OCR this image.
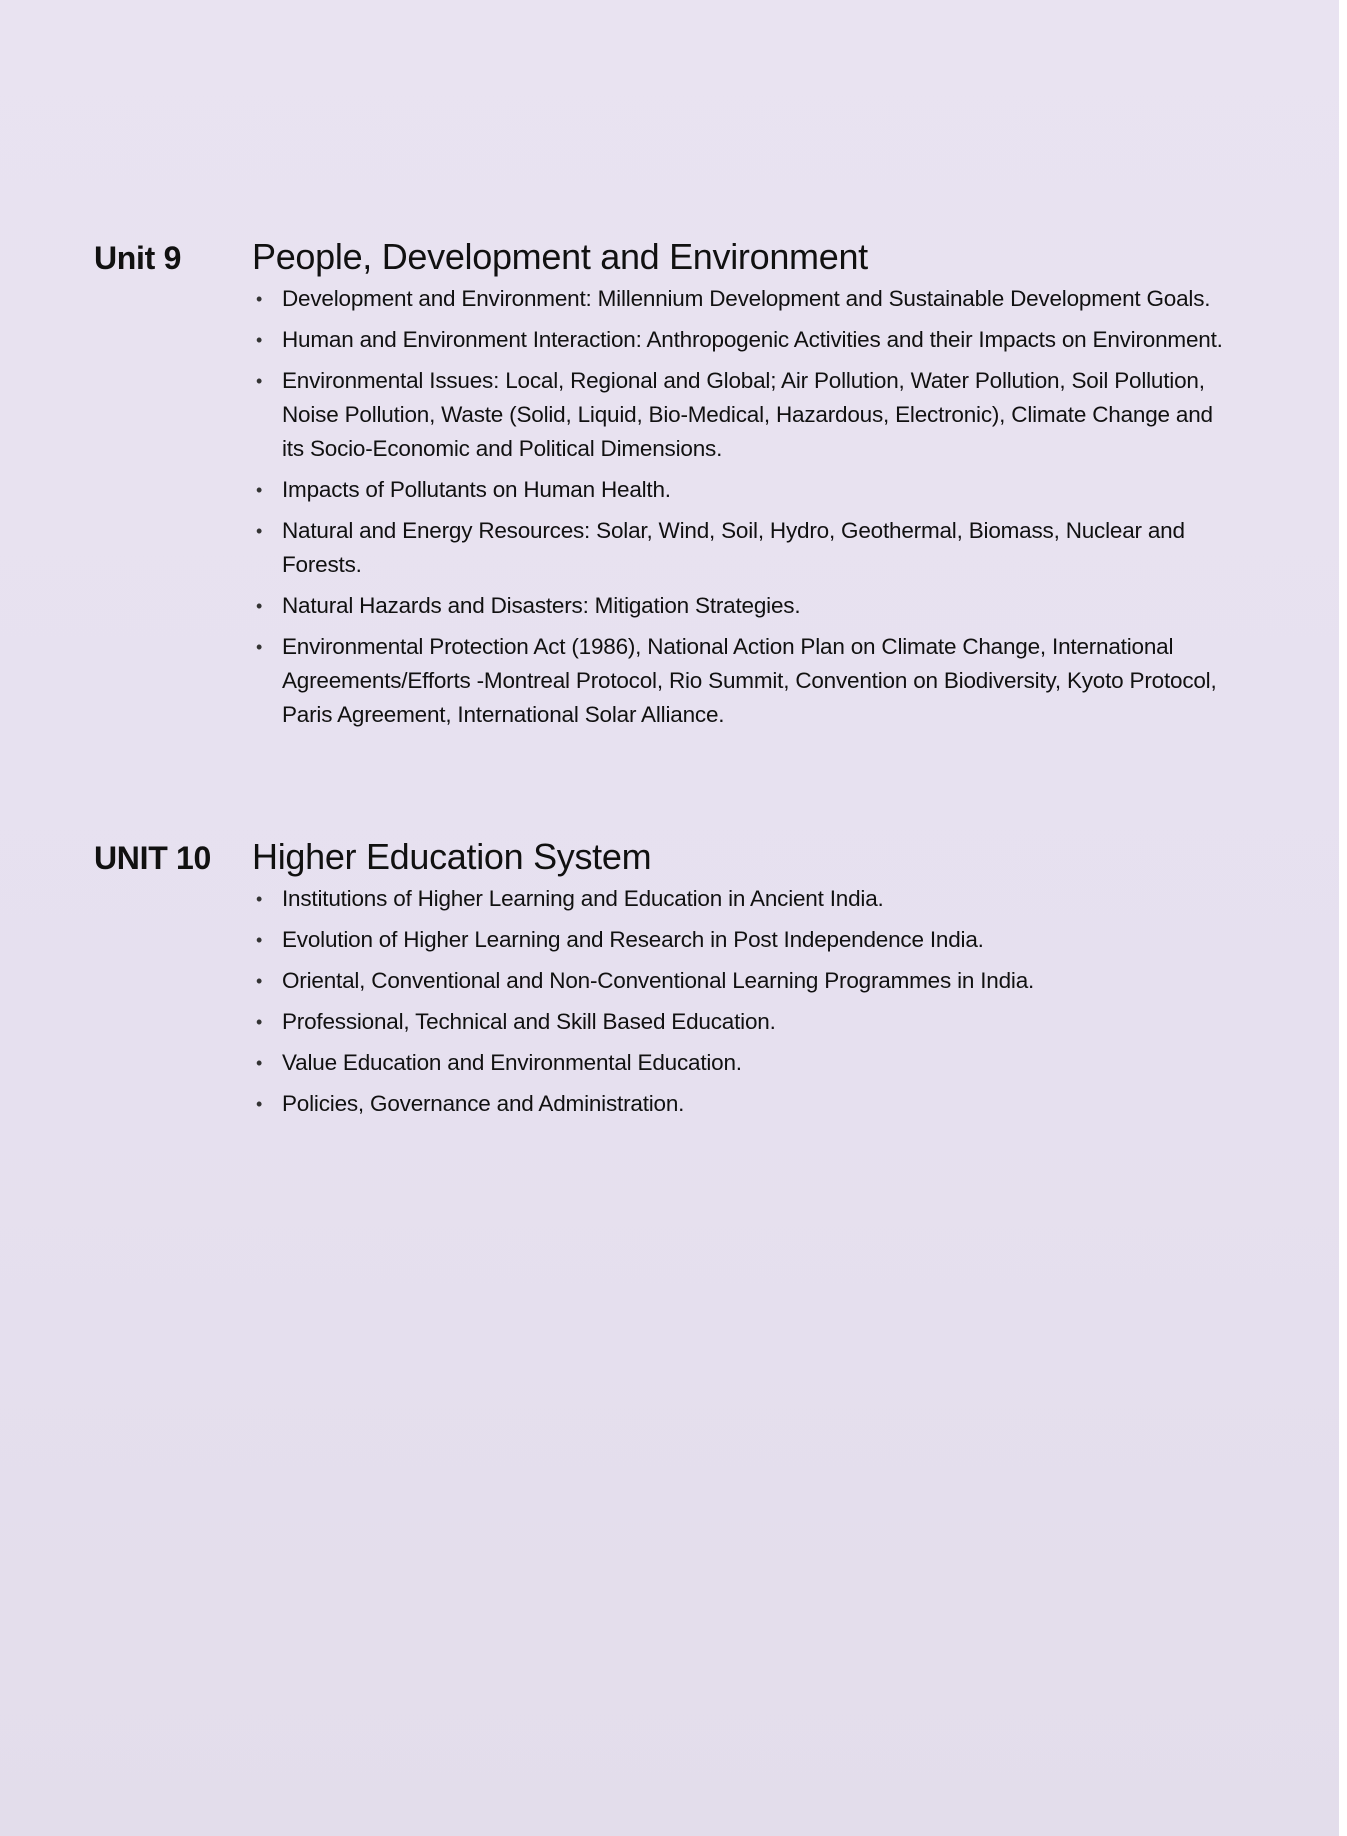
Unit 9	People, Development and Environment
• Development and Environment: Millennium Development and Sustainable Development Goals.
• Human and Environment Interaction: Anthropogenic Activities and their Impacts on Environment.
• Environmental Issues: Local, Regional and Global; Air Pollution, Water Pollution, Soil Pollution, Noise Pollution, Waste (Solid, Liquid, Bio-Medical, Hazardous, Electronic), Climate Change and its Socio-Economic and Political Dimensions.
• Impacts of Pollutants on Human Health.
• Natural and Energy Resources: Solar, Wind, Soil, Hydro, Geothermal, Biomass, Nuclear and Forests.
• Natural Hazards and Disasters: Mitigation Strategies.
• Environmental Protection Act (1986), National Action Plan on Climate Change, International Agreements/Efforts -Montreal Protocol, Rio Summit, Convention on Biodiversity, Kyoto Protocol, Paris Agreement, International Solar Alliance.
UNIT 10	Higher Education System
• Institutions of Higher Learning and Education in Ancient India.
• Evolution of Higher Learning and Research in Post Independence India.
• Oriental, Conventional and Non-Conventional Learning Programmes in India.
• Professional, Technical and Skill Based Education.
• Value Education and Environmental Education.
• Policies, Governance and Administration.
